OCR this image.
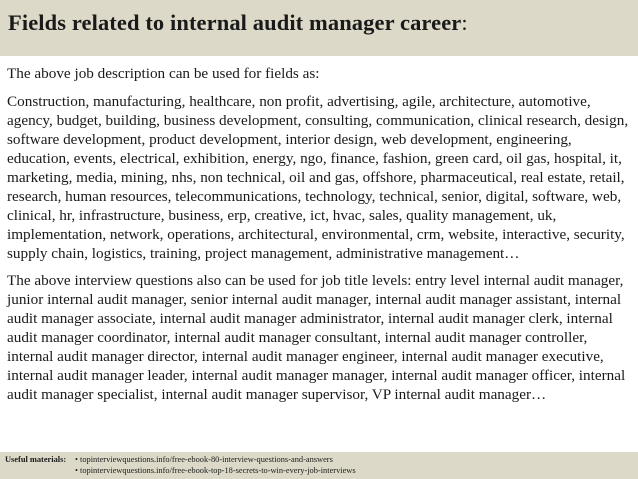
Fields related to internal audit manager career:

The above job description can be used for fields as:

Construction, manufacturing, healthcare, non profit, advertising, agile, architecture, automotive, agency, budget, building, business development, consulting, communication, clinical research, design, software development, product development, interior design, web development, engineering, education, events, electrical, exhibition, energy, ngo, finance, fashion, green card, oil gas, hospital, it, marketing, media, mining, nhs, non technical, oil and gas, offshore, pharmaceutical, real estate, retail, research, human resources, telecommunications, technology, technical, senior, digital, software, web, clinical, hr, infrastructure, business, erp, creative, ict, hvac, sales, quality management, uk, implementation, network, operations, architectural, environmental, crm, website, interactive, security, supply chain, logistics, training, project management, administrative management…

The above interview questions also can be used for job title levels: entry level internal audit manager, junior internal audit manager, senior internal audit manager, internal audit manager assistant, internal audit manager associate, internal audit manager administrator, internal audit manager clerk, internal audit manager coordinator, internal audit manager consultant, internal audit manager controller, internal audit manager director, internal audit manager engineer, internal audit manager executive, internal audit manager leader, internal audit manager manager, internal audit manager officer, internal audit manager specialist, internal audit manager supervisor, VP internal audit manager…

Useful materials:	• topinterviewquestions.info/free-ebook-80-interview-questions-and-answers
• topinterviewquestions.info/free-ebook-top-18-secrets-to-win-every-job-interviews
